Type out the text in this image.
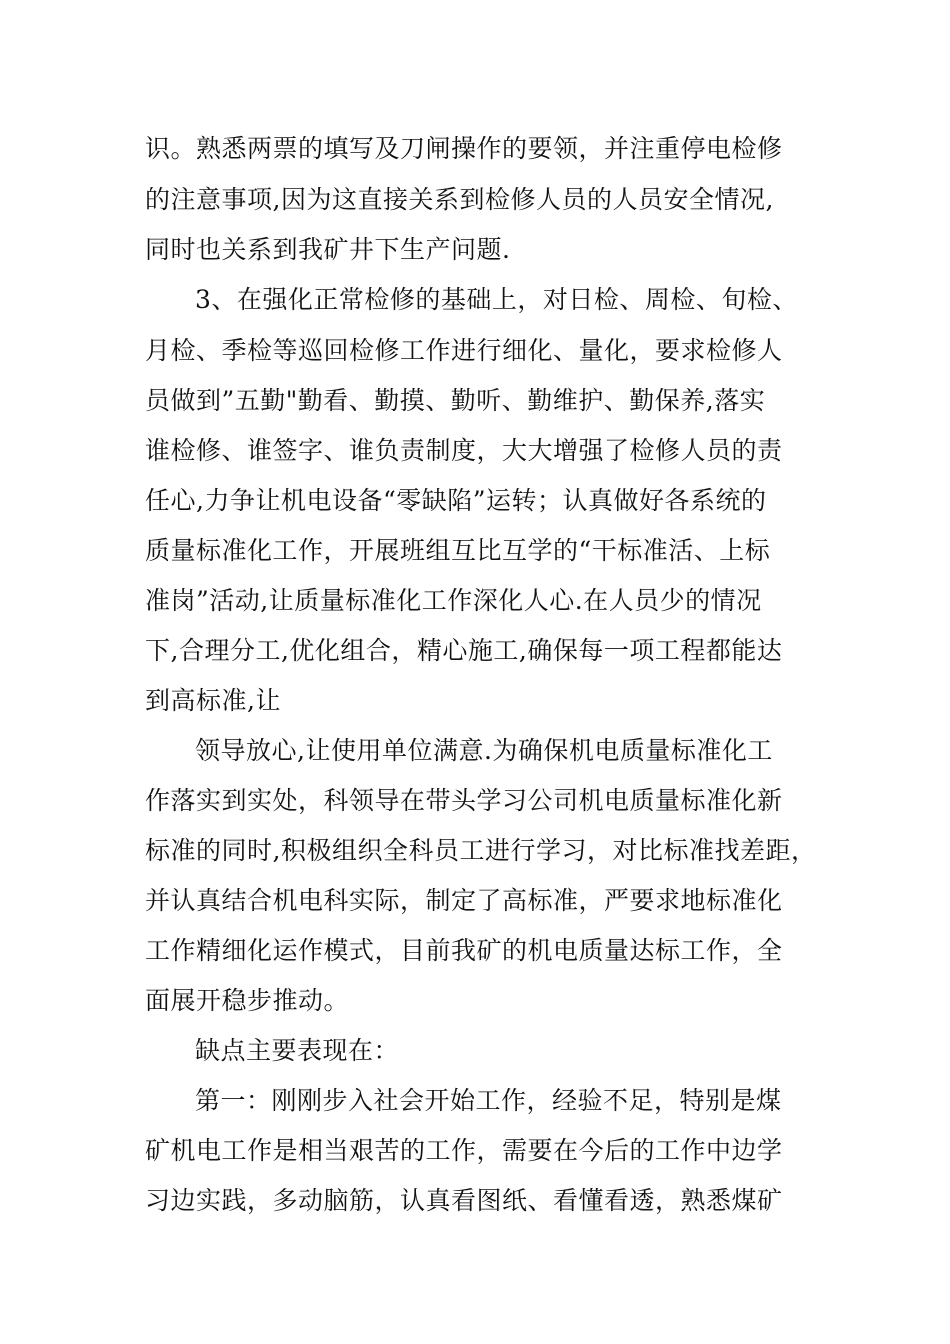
识。熟悉两票的填写及刀闸操作的要领，并注重停电检修
的注意事项,因为这直接关系到检修人员的人员安全情况,
同时也关系到我矿井下生产问题.
3、在强化正常检修的基础上，对日检、周检、旬检、
月检、季检等巡回检修工作进行细化、量化，要求检修人
员做到”五勤"勤看、勤摸、勤听、勤维护、勤保养,落实
谁检修、谁签字、谁负责制度，大大增强了检修人员的责
任心,力争让机电设备“零缺陷”运转；认真做好各系统的
质量标准化工作，开展班组互比互学的“干标准活、上标
准岗”活动,让质量标准化工作深化人心.在人员少的情况
下,合理分工,优化组合，精心施工,确保每一项工程都能达
到高标准,让
领导放心,让使用单位满意.为确保机电质量标准化工
作落实到实处，科领导在带头学习公司机电质量标准化新
标准的同时,积极组织全科员工进行学习，对比标准找差距，
并认真结合机电科实际，制定了高标准，严要求地标准化
工作精细化运作模式，目前我矿的机电质量达标工作，全
面展开稳步推动。
缺点主要表现在：
第一：刚刚步入社会开始工作，经验不足，特别是煤
矿机电工作是相当艰苦的工作，需要在今后的工作中边学
习边实践，多动脑筋，认真看图纸、看懂看透，熟悉煤矿
